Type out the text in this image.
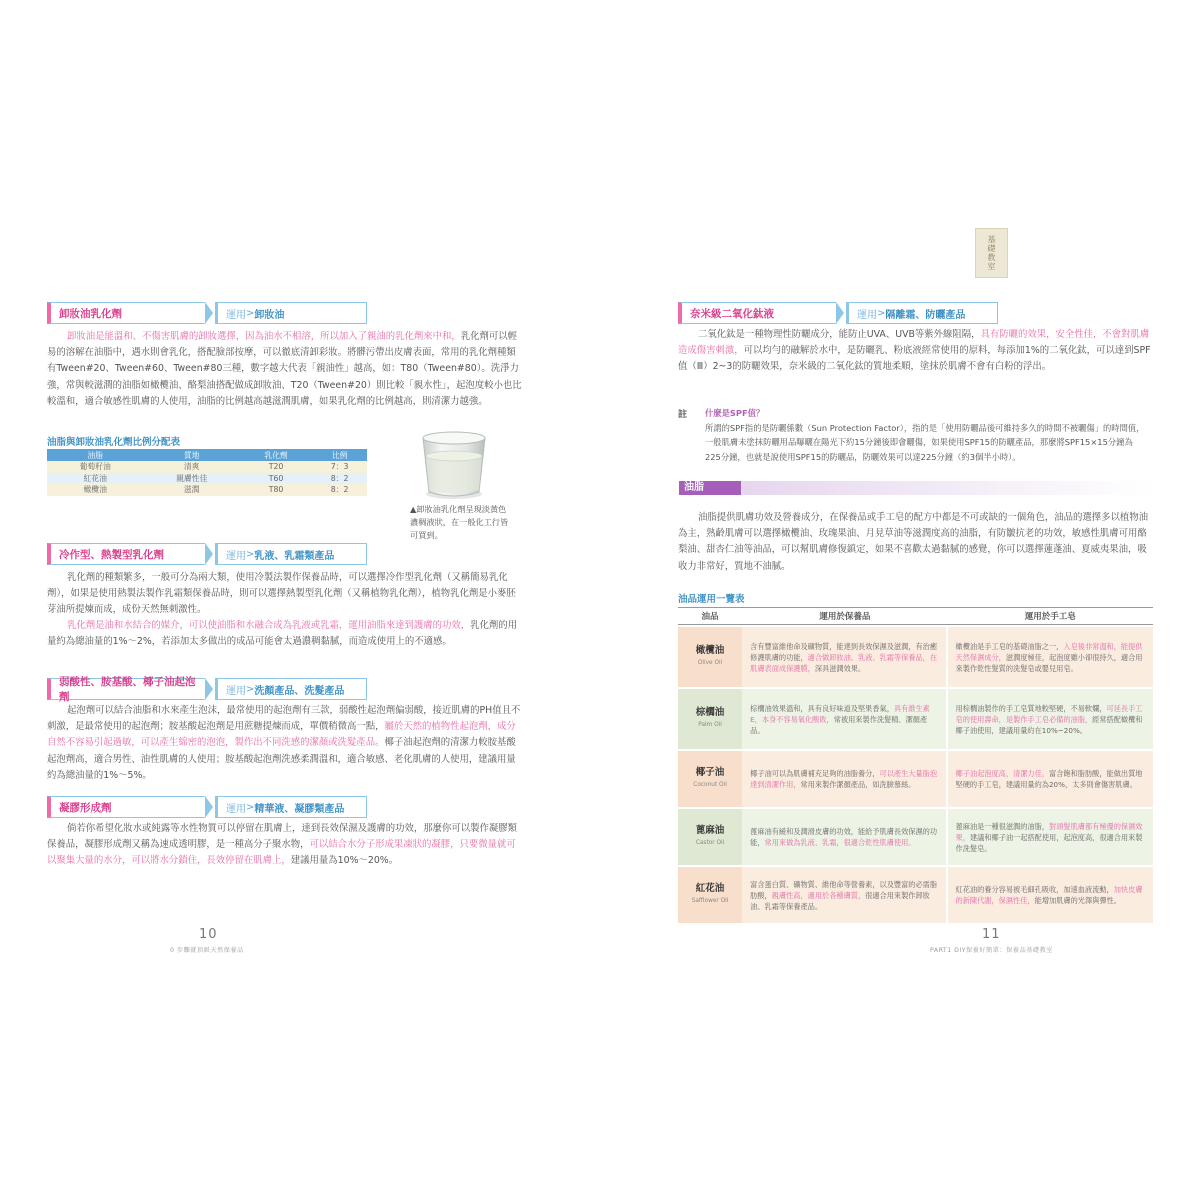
卸妝油乳化劑	運用 > 卸妝油
卸妝油是能溫和、不傷害肌膚的卸妝選擇，因為油水不相溶，所以加入了親油的乳化劑來中和，乳化劑可以輕易的溶解在油脂中，遇水則會乳化，搭配臉部按摩，可以徹底清卸彩妝。將髒污帶出皮膚表面，常用的乳化劑種類有Tween#20、Tween#60、Tween#80三種，數字越大代表「親油性」越高，如：T80（Tween#80）。洗淨力強，常與較滋潤的油脂如橄欖油、酪梨油搭配做成卸妝油、T20（Tween#20）則比較「親水性」，起泡度較小也比較溫和，適合敏感性肌膚的人使用，油脂的比例越高越滋潤肌膚，如果乳化劑的比例越高，則清潔力越強。
油脂與卸妝油乳化劑比例分配表
油脂	質地	乳化劑	比例
葡萄籽油	清爽	T20	7：3
紅花油	親膚性佳	T60	8：2
橄欖油	滋潤	T80	8：2
▲卸妝油乳化劑呈現淡黃色濃稠液狀，在一般化工行皆可買到。
冷作型、熱製型乳化劑	運用 > 乳液、乳霜類產品
乳化劑的種類繁多，一般可分為兩大類，使用冷製法製作保養品時，可以選擇冷作型乳化劑（又稱簡易乳化劑），如果是使用熱製法製作乳霜類保養品時，則可以選擇熱製型乳化劑（又稱植物乳化劑），植物乳化劑是小麥胚芽油所提煉而成，成份天然無刺激性。
乳化劑是油和水結合的媒介，可以使油脂和水融合成為乳液或乳霜，運用油脂來達到護膚的功效，乳化劑的用量約為總油量的1%～2%，若添加太多做出的成品可能會太過濃稠黏膩，而造成使用上的不適感。
弱酸性、胺基酸、椰子油起泡劑	運用 > 洗顏產品、洗髮產品
起泡劑可以結合油脂和水來產生泡沫，最常使用的起泡劑有三款，弱酸性起泡劑偏弱酸，接近肌膚的PH值且不刺激，是最常使用的起泡劑；胺基酸起泡劑是用蔗糖提煉而成，單價稍微高一點，屬於天然的植物性起泡劑，成分自然不容易引起過敏，可以產生綿密的泡泡，製作出不同洗感的潔顏或洗髮產品。椰子油起泡劑的清潔力較胺基酸起泡劑高，適合男性、油性肌膚的人使用；胺基酸起泡劑洗感柔潤溫和，適合敏感、老化肌膚的人使用，建議用量約為總油量的1%～5%。
凝膠形成劑	運用 > 精華液、凝膠類產品
倘若你希望化妝水或純露等水性物質可以停留在肌膚上，達到長效保濕及護膚的功效，那麼你可以製作凝膠類保養品，凝膠形成劑又稱為速成透明膠，是一種高分子聚水物，可以結合水分子形成果凍狀的凝膠，只要微量就可以聚集大量的水分，可以將水分鎖住，長效停留在肌膚上，建議用量為10%～20%。
10
0 步驟就頂級天然保養品
基礎教室
奈米級二氧化鈦液	運用 > 隔離霜、防曬產品
二氧化鈦是一種物理性防曬成分，能防止UVA、UVB等紫外線阻隔，具有防曬的效果，安全性佳，不會對肌膚造成傷害刺激，可以均勻的融解於水中，是防曬乳、粉底液經常使用的原料，每添加1%的二氧化鈦，可以達到SPF值（Ⅲ）2~3的防曬效果，奈米級的二氧化鈦的質地柔順，塗抹於肌膚不會有白粉的浮出。
註 什麼是SPF值？
所謂的SPF指的是防曬係數（Sun Protection Factor），指的是「使用防曬品後可維持多久的時間不被曬傷」的時間值，一般肌膚未塗抹防曬用品曝曬在陽光下約15分鐘後即會曬傷，如果使用SPF15的防曬產品，那麼將SPF15×15分鐘為225分鐘，也就是說使用SPF15的防曬品，防曬效果可以達225分鐘（約3個半小時）。
油脂
油脂提供肌膚功效及營養成分，在保養品或手工皂的配方中都是不可或缺的一個角色，油品的選擇多以植物油為主，熟齡肌膚可以選擇橄欖油、玫瑰果油、月見草油等滋潤度高的油脂，有防皺抗老的功效，敏感性肌膚可用酪梨油、甜杏仁油等油品，可以幫肌膚修復鎮定，如果不喜歡太過黏膩的感覺，你可以選擇蓮蓬油、夏威夷果油，吸收力非常好，質地不油膩。
油品運用一覽表
油品	運用於保養品	運用於手工皂

橄欖油
Olive Oil	含有豐富維他命及礦物質，能達到長效保濕及滋潤，有治癒修護肌膚的功能，適合做卸妝油、乳液、乳霜等保養品，在肌膚表面成保護膜，深具滋潤效果。	橄欖油是手工皂的基礎油脂之一，入皂後非常溫和，能提供天然保濕成分，滋潤度極佳，起泡度雖小卻很持久，適合用來製作乾性髮質的洗髮皂或嬰兒用皂。

棕櫚油
Palm Oil	棕櫚油效果溫和，具有良好味道及堅果香氣，具有維生素E，本身不容易氧化酸敗，常被用來製作洗髮精、潔顏產品。	用棕櫚油製作的手工皂質地較堅硬，不易軟爛，可延長手工皂的使用壽命，是製作手工皂必備的油脂，經常搭配橄欖和椰子油使用，建議用量約在10%~20%。

椰子油
Coconut Oil	椰子油可以為肌膚補充足夠的油脂養分，可以產生大量脂泡達到清潔作用，常用來製作潔顏產品，如洗臉慕絲。	椰子油起泡度高，清潔力佳，富含飽和脂肪酸，能做出質地堅硬的手工皂，建議用量約為20%，太多則會傷害肌膚。

蓖麻油
Castor Oil	蓖麻油有緩和及潤滑皮膚的功效，能給予肌膚長效保濕的功能，常用來做為乳液、乳霜，很適合乾性肌膚使用。	蓖麻油是一種很滋潤的油脂，對頭髮肌膚都有極優的保濕效果，建議和椰子油一起搭配使用，起泡度高，很適合用來製作洗髮皂。

紅花油
Safflower Oil	富含蛋白質、礦物質、維他命等營養素，以及豐富的必需脂肪酸，親膚性高，適用於各種膚質，很適合用來製作卸妝油、乳霜等保養產品。	紅花油的養分容易被毛細孔吸收，加速血液流動，加快皮膚的新陳代謝，保濕性佳，能增加肌膚的光澤與彈性。
11
PART1 DIY保養好簡單：保養品基礎教室
